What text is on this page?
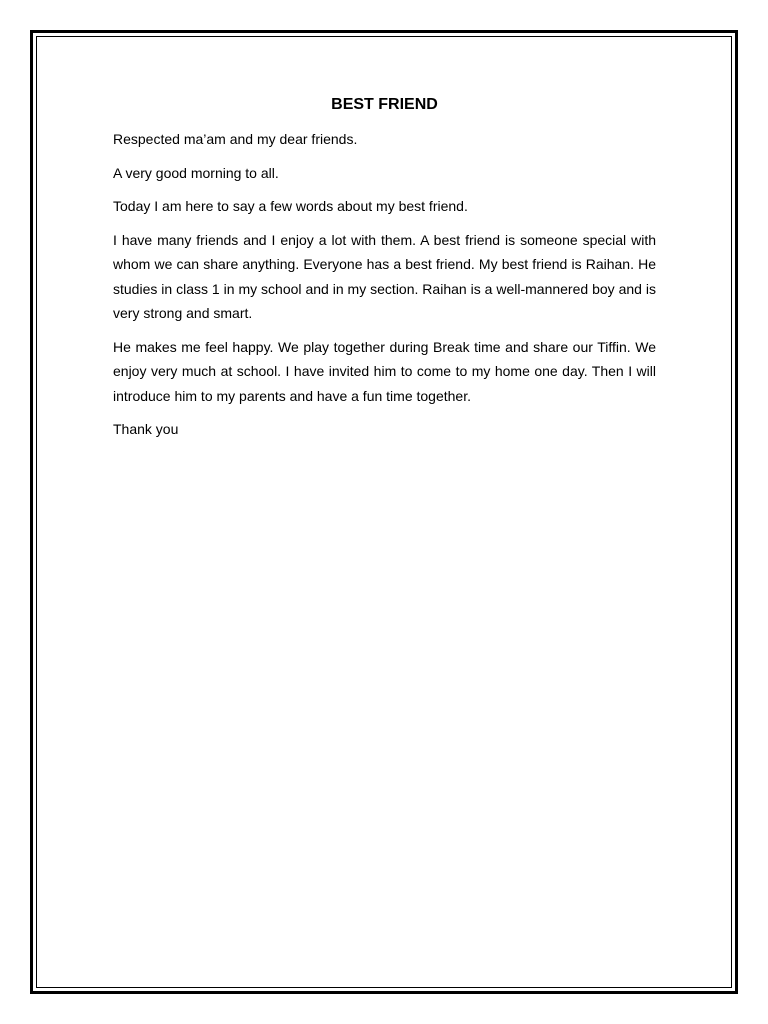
BEST FRIEND

Respected ma’am and my dear friends.

A very good morning to all.

Today I am here to say a few words about my best friend.

I have many friends and I enjoy a lot with them. A best friend is someone special with whom we can share anything. Everyone has a best friend. My best friend is Raihan. He studies in class 1 in my school and in my section. Raihan is a well-mannered boy and is very strong and smart.

He makes me feel happy. We play together during Break time and share our Tiffin. We enjoy very much at school. I have invited him to come to my home one day. Then I will introduce him to my parents and have a fun time together.

Thank you
